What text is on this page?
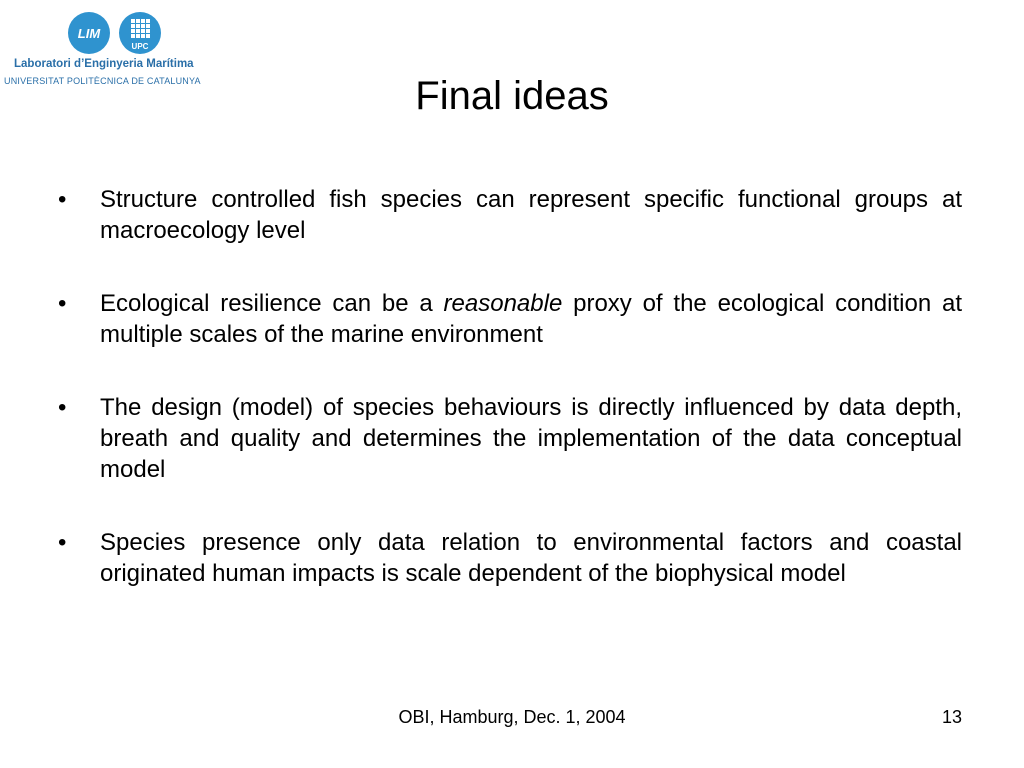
LIM
UPC
Laboratori d’Enginyeria Marítima
UNIVERSITAT POLITÈCNICA DE CATALUNYA	Final ideas
•	Structure controlled fish species can represent specific functional groups at macroecology level
•	Ecological resilience can be a reasonable proxy of the ecological condition at multiple scales of the marine environment
•	The design (model) of species behaviours is directly influenced by data depth, breath and quality and determines the implementation of the data conceptual model
•	Species presence only data relation to environmental factors and coastal originated human impacts is scale dependent of the biophysical model
OBI, Hamburg, Dec. 1, 2004	13
